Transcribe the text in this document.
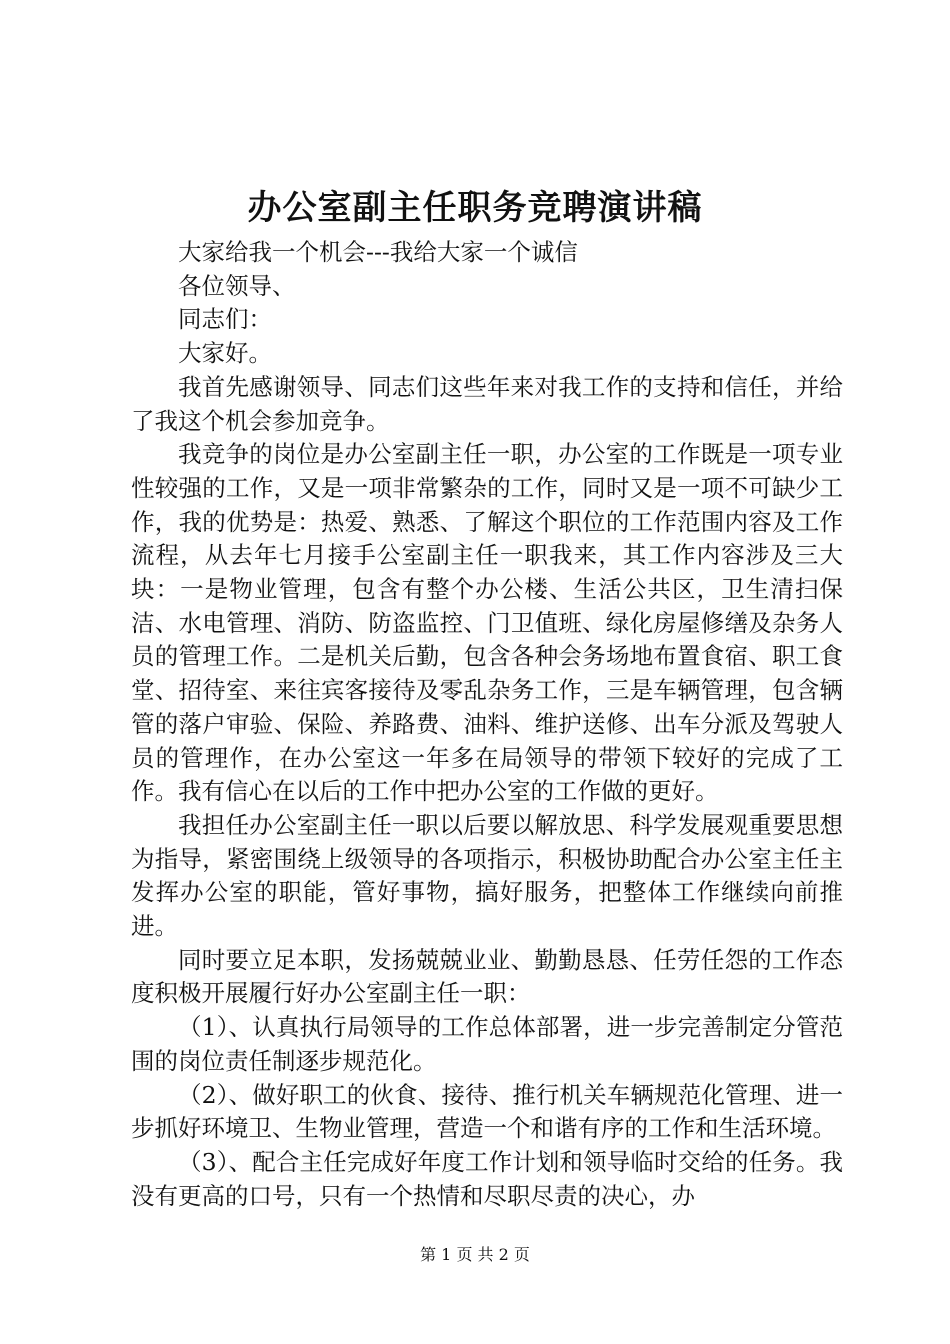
办公室副主任职务竞聘演讲稿

大家给我一个机会---我给大家一个诚信

各位领导、

同志们：

大家好。

我首先感谢领导、同志们这些年来对我工作的支持和信任，并给了我这个机会参加竞争。

我竞争的岗位是办公室副主任一职，办公室的工作既是一项专业性较强的工作，又是一项非常繁杂的工作，同时又是一项不可缺少工作，我的优势是：热爱、熟悉、了解这个职位的工作范围内容及工作流程，从去年七月接手公室副主任一职我来，其工作内容涉及三大块：一是物业管理，包含有整个办公楼、生活公共区，卫生清扫保洁、水电管理、消防、防盗监控、门卫值班、绿化房屋修缮及杂务人员的管理工作。二是机关后勤，包含各种会务场地布置食宿、职工食堂、招待室、来往宾客接待及零乱杂务工作，三是车辆管理，包含辆管的落户审验、保险、养路费、油料、维护送修、出车分派及驾驶人员的管理作，在办公室这一年多在局领导的带领下较好的完成了工作。我有信心在以后的工作中把办公室的工作做的更好。

我担任办公室副主任一职以后要以解放思、科学发展观重要思想为指导，紧密围绕上级领导的各项指示，积极协助配合办公室主任主发挥办公室的职能，管好事物，搞好服务，把整体工作继续向前推进。

同时要立足本职，发扬兢兢业业、勤勤恳恳、任劳任怨的工作态度积极开展履行好办公室副主任一职：

（1）、认真执行局领导的工作总体部署，进一步完善制定分管范围的岗位责任制逐步规范化。

（2）、做好职工的伙食、接待、推行机关车辆规范化管理、进一步抓好环境卫、生物业管理，营造一个和谐有序的工作和生活环境。

（3）、配合主任完成好年度工作计划和领导临时交给的任务。我没有更高的口号，只有一个热情和尽职尽责的决心，办

第 1 页 共 2 页
